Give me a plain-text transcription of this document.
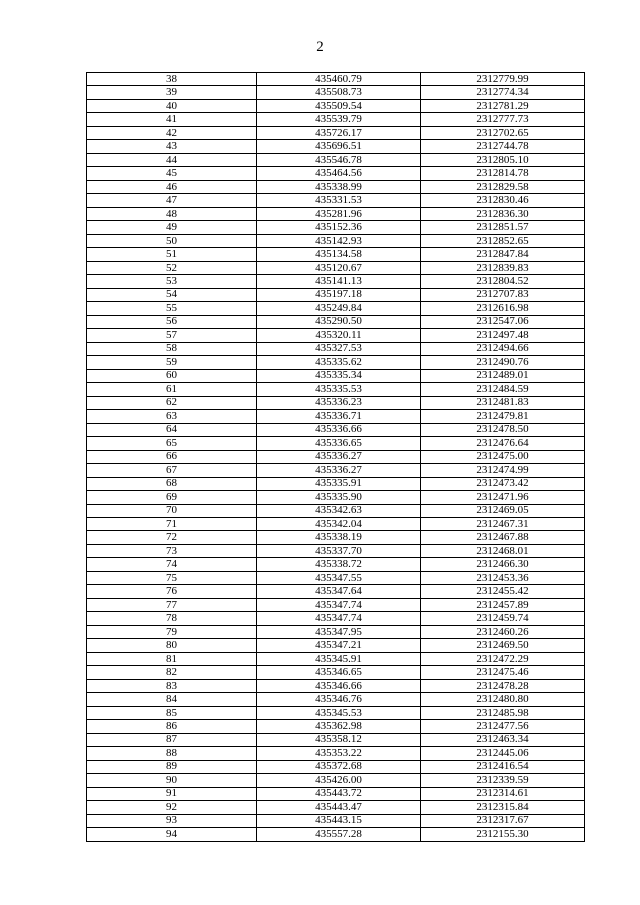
2
38	435460.79	2312779.99
39	435508.73	2312774.34
40	435509.54	2312781.29
41	435539.79	2312777.73
42	435726.17	2312702.65
43	435696.51	2312744.78
44	435546.78	2312805.10
45	435464.56	2312814.78
46	435338.99	2312829.58
47	435331.53	2312830.46
48	435281.96	2312836.30
49	435152.36	2312851.57
50	435142.93	2312852.65
51	435134.58	2312847.84
52	435120.67	2312839.83
53	435141.13	2312804.52
54	435197.18	2312707.83
55	435249.84	2312616.98
56	435290.50	2312547.06
57	435320.11	2312497.48
58	435327.53	2312494.66
59	435335.62	2312490.76
60	435335.34	2312489.01
61	435335.53	2312484.59
62	435336.23	2312481.83
63	435336.71	2312479.81
64	435336.66	2312478.50
65	435336.65	2312476.64
66	435336.27	2312475.00
67	435336.27	2312474.99
68	435335.91	2312473.42
69	435335.90	2312471.96
70	435342.63	2312469.05
71	435342.04	2312467.31
72	435338.19	2312467.88
73	435337.70	2312468.01
74	435338.72	2312466.30
75	435347.55	2312453.36
76	435347.64	2312455.42
77	435347.74	2312457.89
78	435347.74	2312459.74
79	435347.95	2312460.26
80	435347.21	2312469.50
81	435345.91	2312472.29
82	435346.65	2312475.46
83	435346.66	2312478.28
84	435346.76	2312480.80
85	435345.53	2312485.98
86	435362.98	2312477.56
87	435358.12	2312463.34
88	435353.22	2312445.06
89	435372.68	2312416.54
90	435426.00	2312339.59
91	435443.72	2312314.61
92	435443.47	2312315.84
93	435443.15	2312317.67
94	435557.28	2312155.30
